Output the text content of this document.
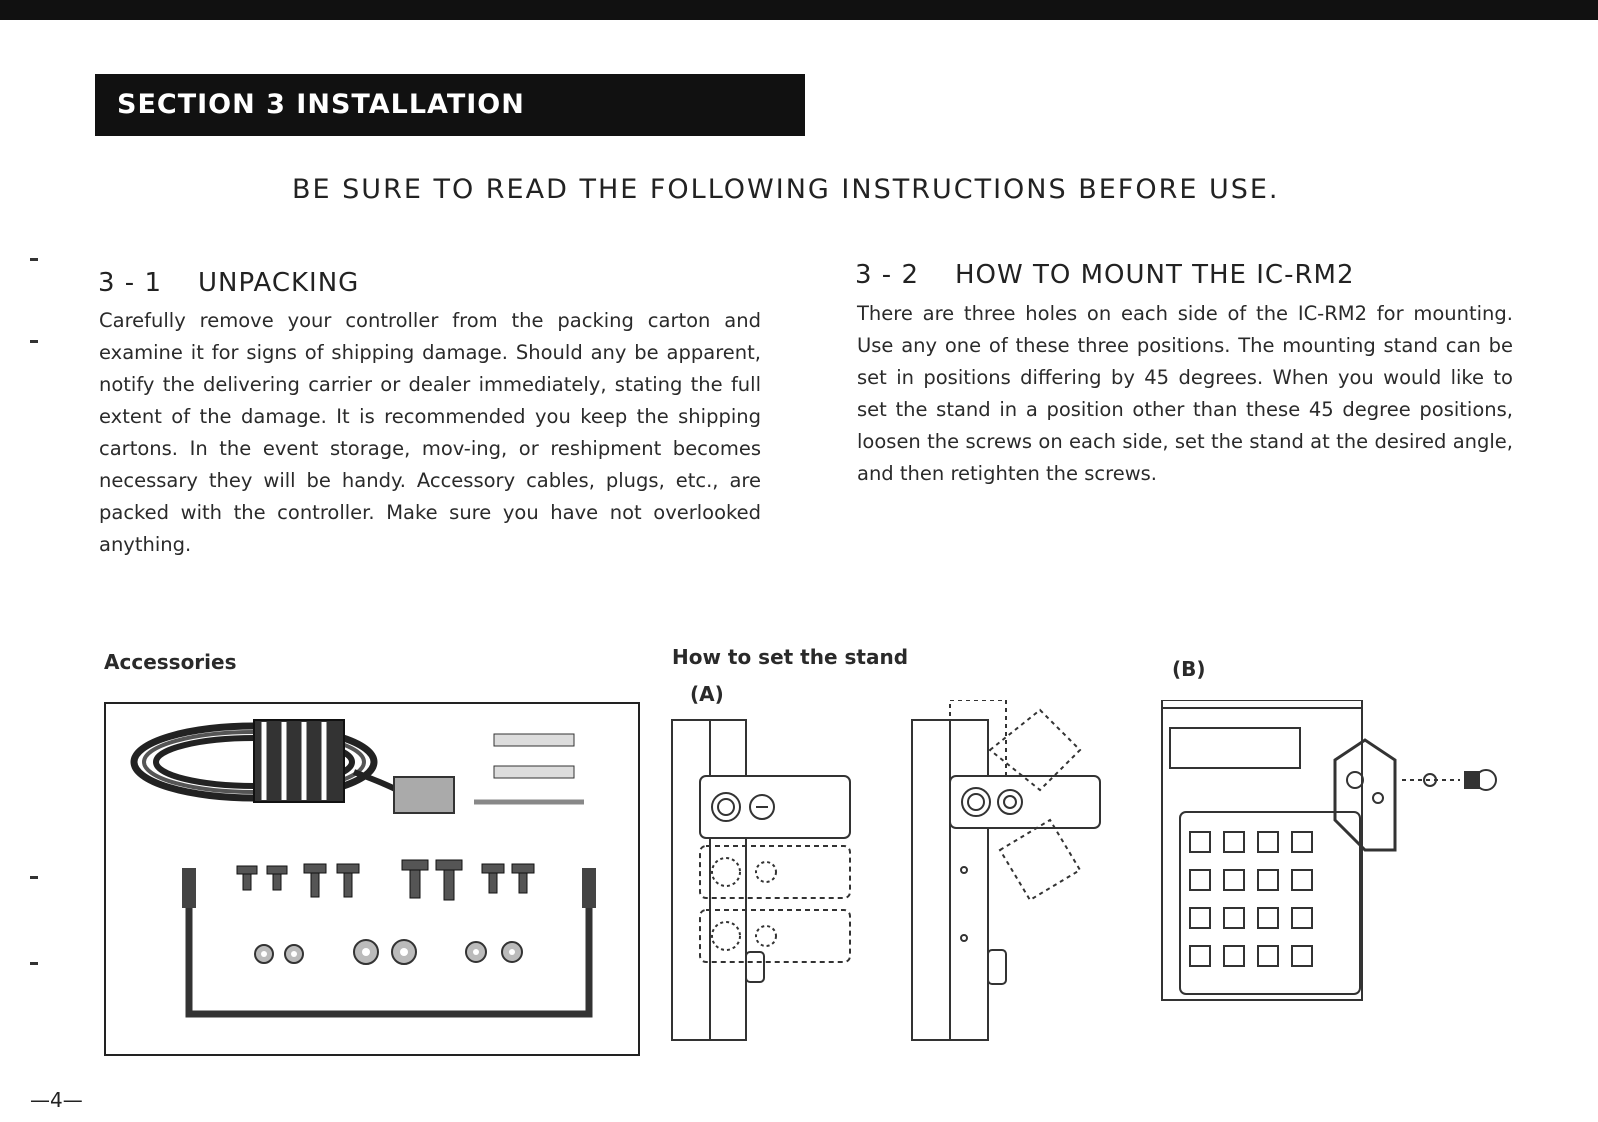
SECTION 3 INSTALLATION
BE SURE TO READ THE FOLLOWING INSTRUCTIONS BEFORE USE.
3 - 1 UNPACKING
Carefully remove your controller from the packing carton and examine it for signs of shipping damage. Should any be apparent, notify the delivering carrier or dealer immediately, stating the full extent of the damage. It is recommended you keep the shipping cartons. In the event storage, mov-ing, or reshipment becomes necessary they will be handy. Accessory cables, plugs, etc., are packed with the controller. Make sure you have not overlooked anything.
3 - 2 HOW TO MOUNT THE IC-RM2
There are three holes on each side of the IC-RM2 for mounting. Use any one of these three positions. The mounting stand can be set in positions differing by 45 degrees. When you would like to set the stand in a position other than these 45 degree positions, loosen the screws on each side, set the stand at the desired angle, and then retighten the screws.
Accessories	How to set the stand
(A)
(B)
—4—
